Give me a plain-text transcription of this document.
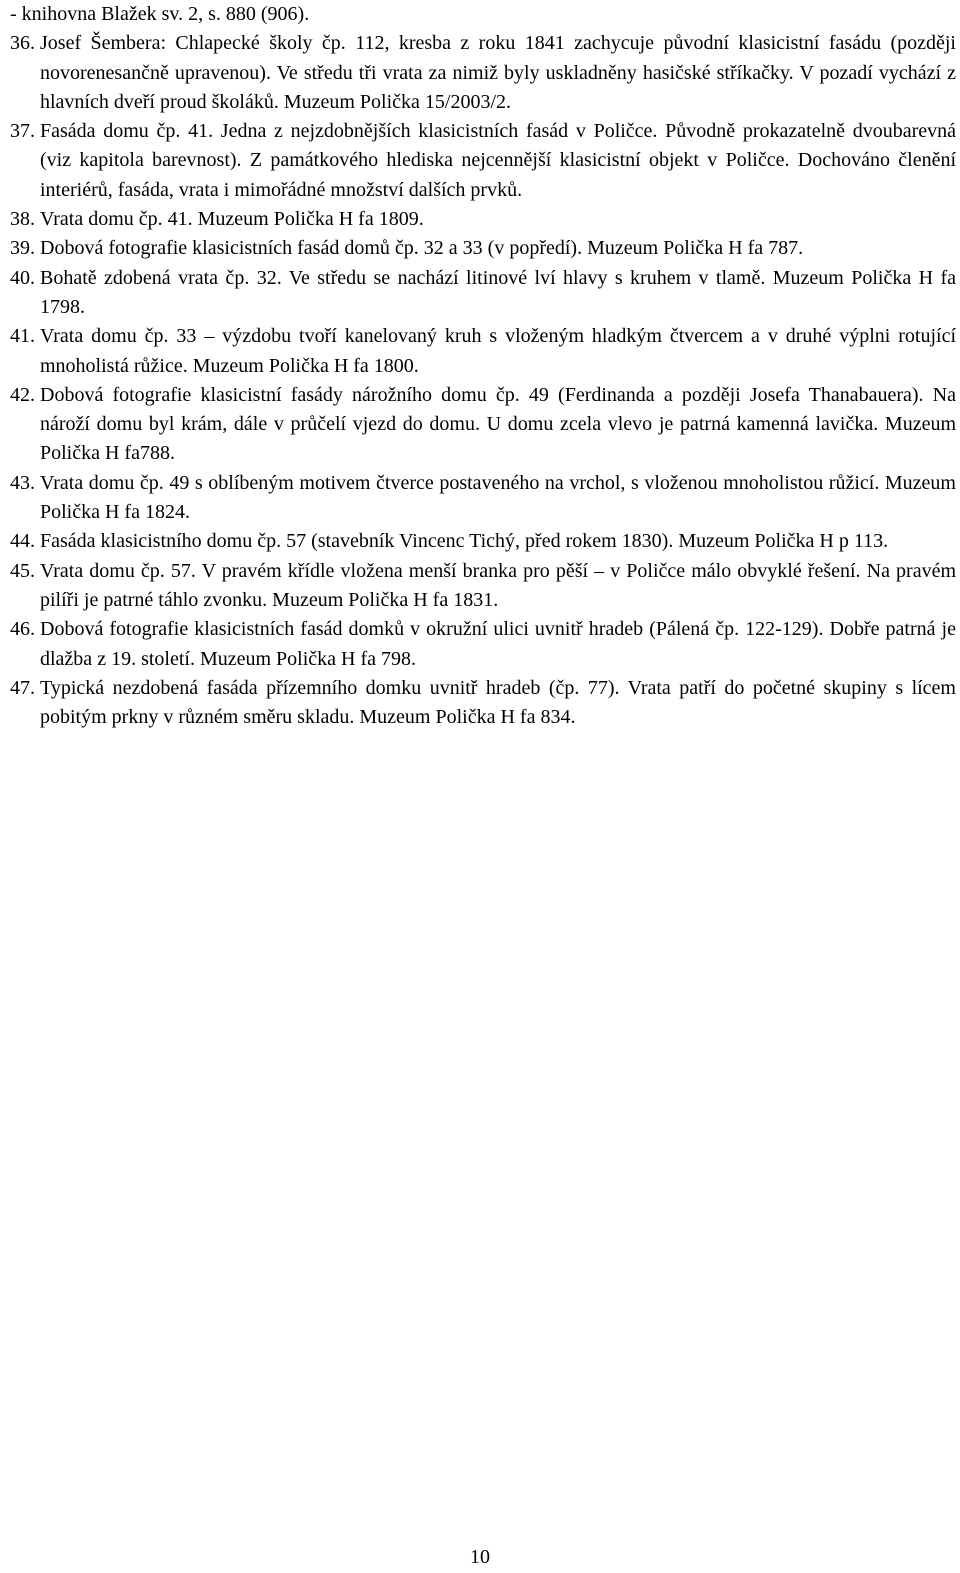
- knihovna Blažek sv. 2, s. 880 (906).

36. Josef Šembera: Chlapecké školy čp. 112, kresba z roku 1841 zachycuje původní klasicistní fasádu (později novorenesančně upravenou). Ve středu tři vrata za nimiž byly uskladněny hasičské stříkačky. V pozadí vychází z hlavních dveří proud školáků. Muzeum Polička 15/2003/2.
37. Fasáda domu čp. 41. Jedna z nejzdobnějších klasicistních fasád v Poličce. Původně prokazatelně dvoubarevná (viz kapitola barevnost). Z památkového hlediska nejcennější klasicistní objekt v Poličce. Dochováno členění interiérů, fasáda, vrata i mimořádné množství dalších prvků.
38. Vrata domu čp. 41. Muzeum Polička H fa 1809.
39. Dobová fotografie klasicistních fasád domů čp. 32 a 33 (v popředí). Muzeum Polička H fa 787.
40. Bohatě zdobená vrata čp. 32. Ve středu se nachází litinové lví hlavy s kruhem v tlamě. Muzeum Polička H fa 1798.
41. Vrata domu čp. 33 – výzdobu tvoří kanelovaný kruh s vloženým hladkým čtvercem a v druhé výplni rotující mnoholistá růžice. Muzeum Polička H fa 1800.
42. Dobová fotografie klasicistní fasády nárožního domu čp. 49 (Ferdinanda a později Josefa Thanabauera). Na nároží domu byl krám, dále v průčelí vjezd do domu. U domu zcela vlevo je patrná kamenná lavička. Muzeum Polička H fa788.
43. Vrata domu čp. 49 s oblíbeným motivem čtverce postaveného na vrchol, s vloženou mnoholistou růžicí. Muzeum Polička H fa 1824.
44. Fasáda klasicistního domu čp. 57 (stavebník Vincenc Tichý, před rokem 1830). Muzeum Polička H p 113.
45. Vrata domu čp. 57. V pravém křídle vložena menší branka pro pěší – v Poličce málo obvyklé řešení. Na pravém pilíři je patrné táhlo zvonku. Muzeum Polička H fa 1831.
46. Dobová fotografie klasicistních fasád domků v okružní ulici uvnitř hradeb (Pálená čp. 122-129). Dobře patrná je dlažba z 19. století. Muzeum Polička H fa 798.
47. Typická nezdobená fasáda přízemního domku uvnitř hradeb (čp. 77). Vrata patří do početné skupiny s lícem pobitým prkny v různém směru skladu. Muzeum Polička H fa 834.
10
